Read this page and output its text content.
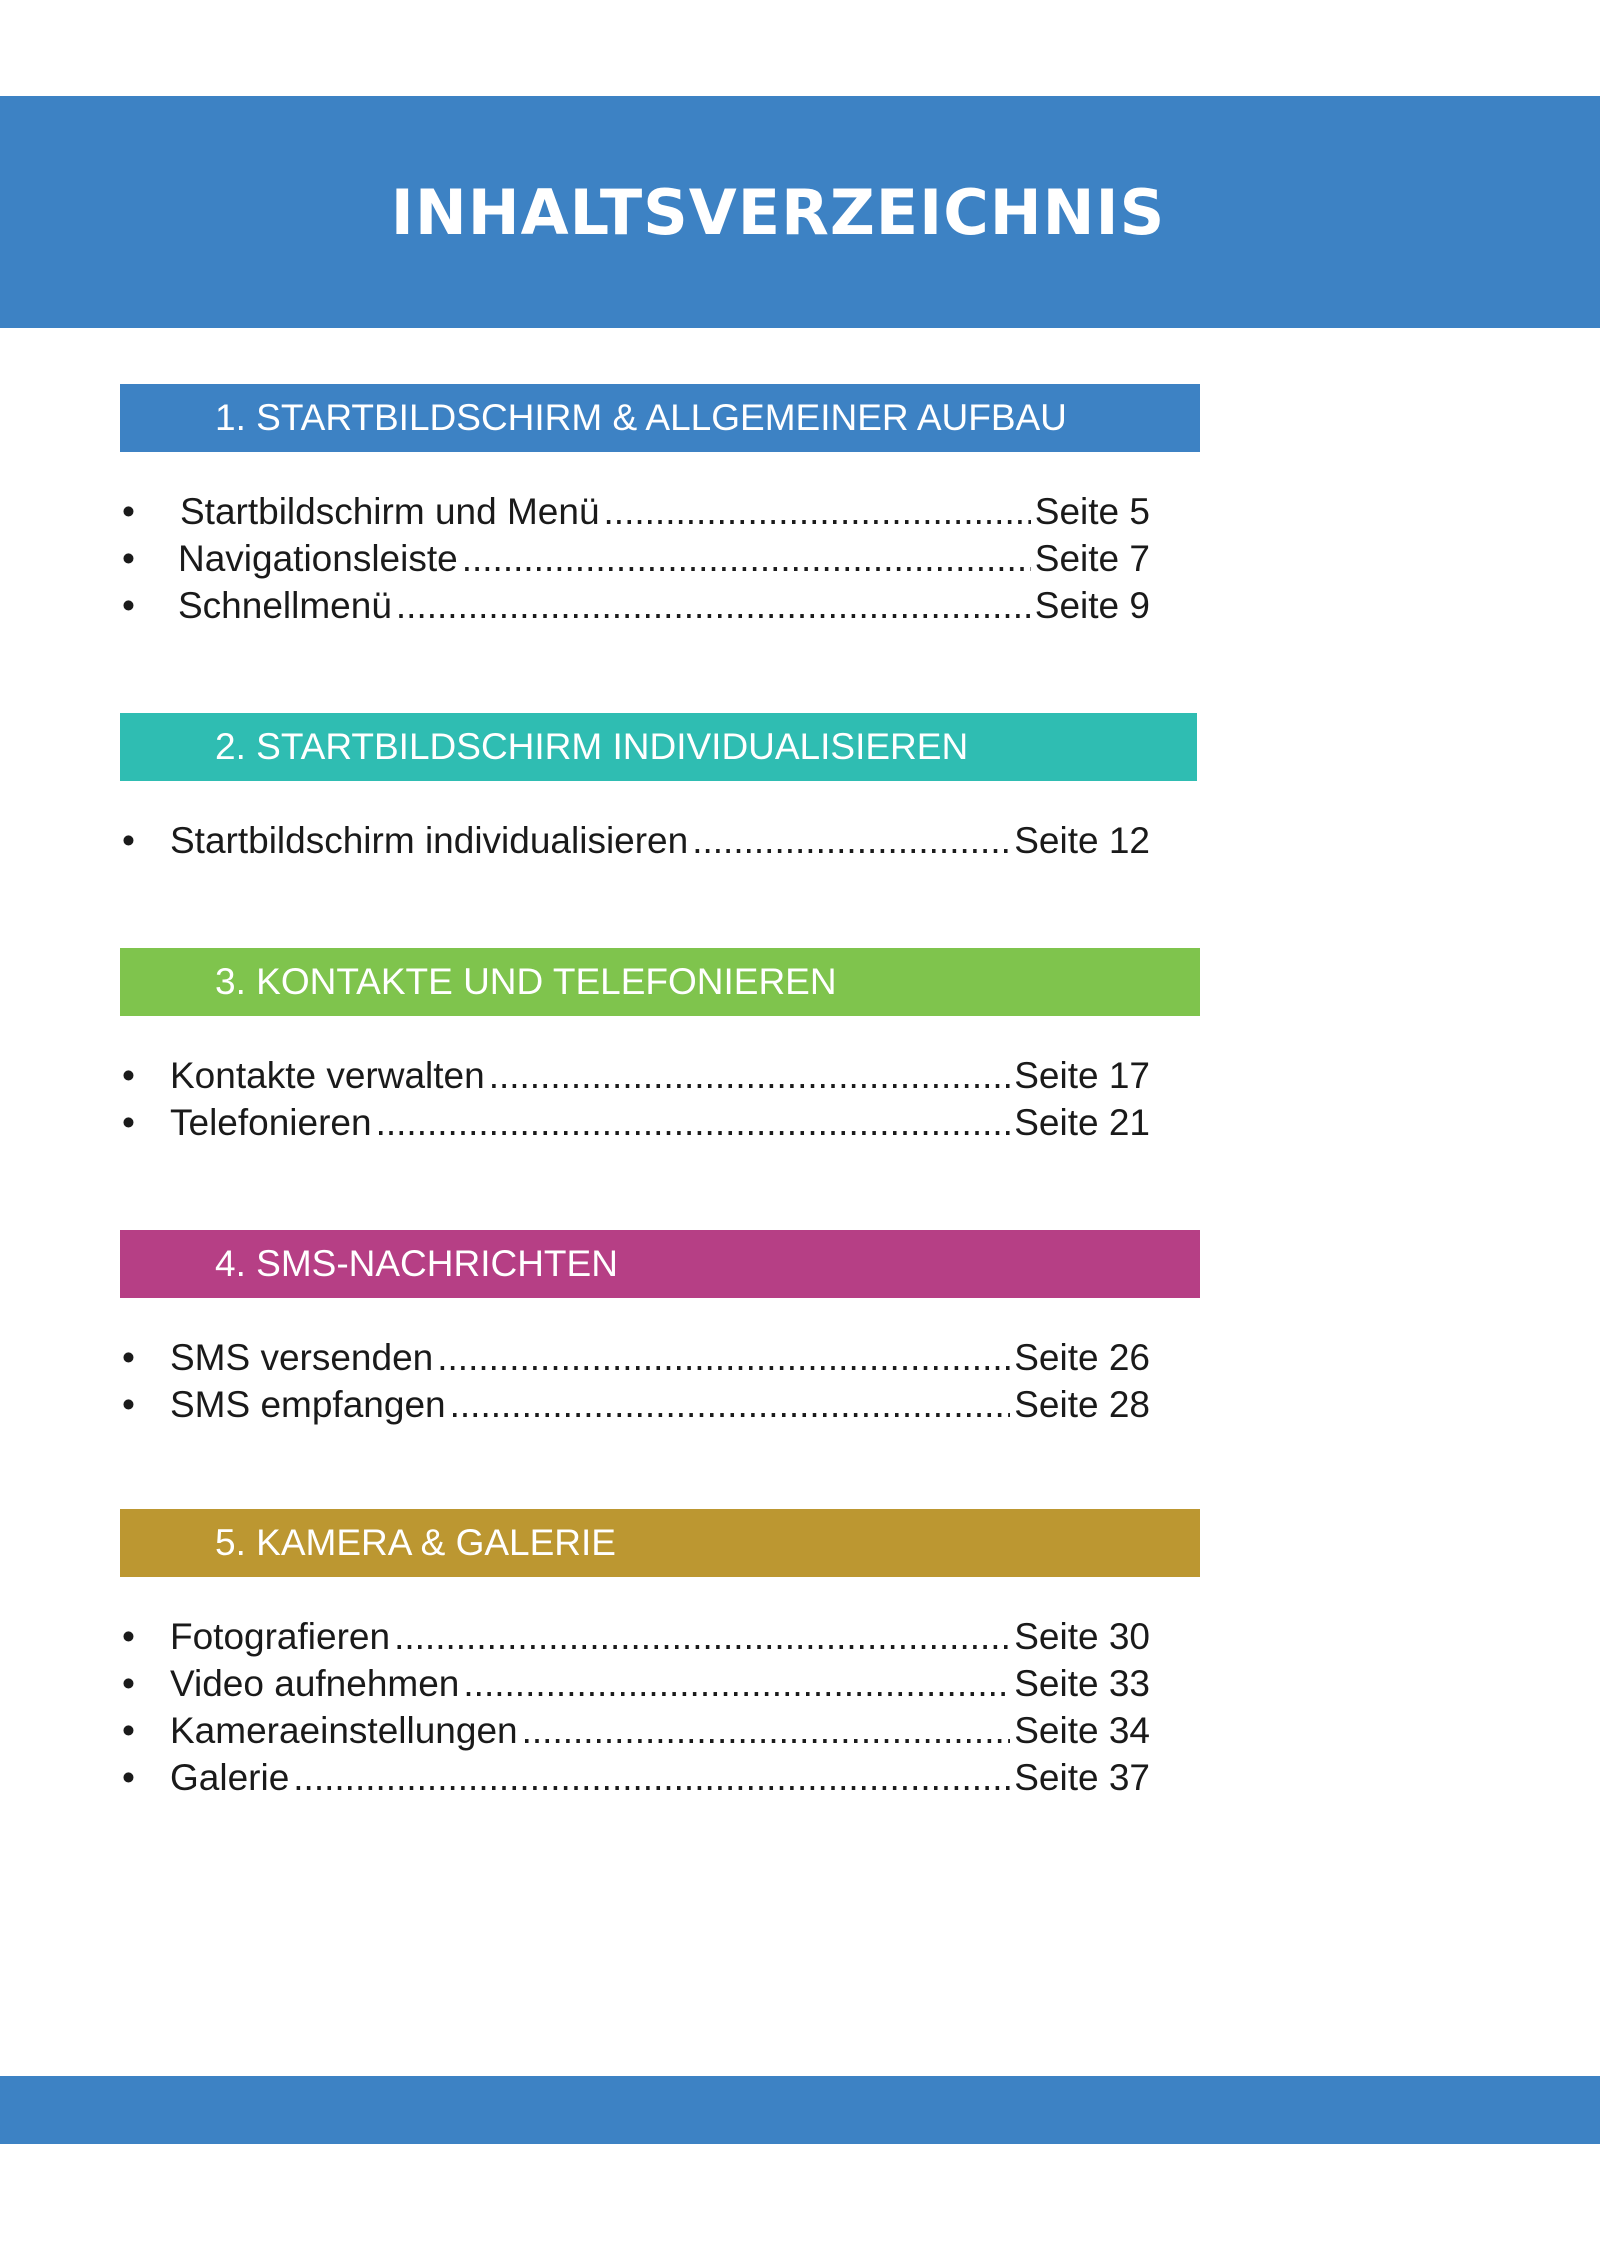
INHALTSVERZEICHNIS
1. STARTBILDSCHIRM & ALLGEMEINER AUFBAU
•	Startbildschirm und Menü .....	Seite 5
•	Navigationsleiste .....	Seite 7
•	Schnellmenü .....	Seite 9
2. STARTBILDSCHIRM INDIVIDUALISIEREN
• Startbildschirm individualisieren .....	Seite 12
3. KONTAKTE UND TELEFONIEREN
• Kontakte verwalten .....	Seite 17
• Telefonieren .....	Seite 21
4. SMS-NACHRICHTEN
• SMS versenden .....	Seite 26
• SMS empfangen .....	Seite 28
5. KAMERA & GALERIE
• Fotografieren .....	Seite 30
• Video aufnehmen .....	Seite 33
• Kameraeinstellungen .....	Seite 34
• Galerie .....	Seite 37
